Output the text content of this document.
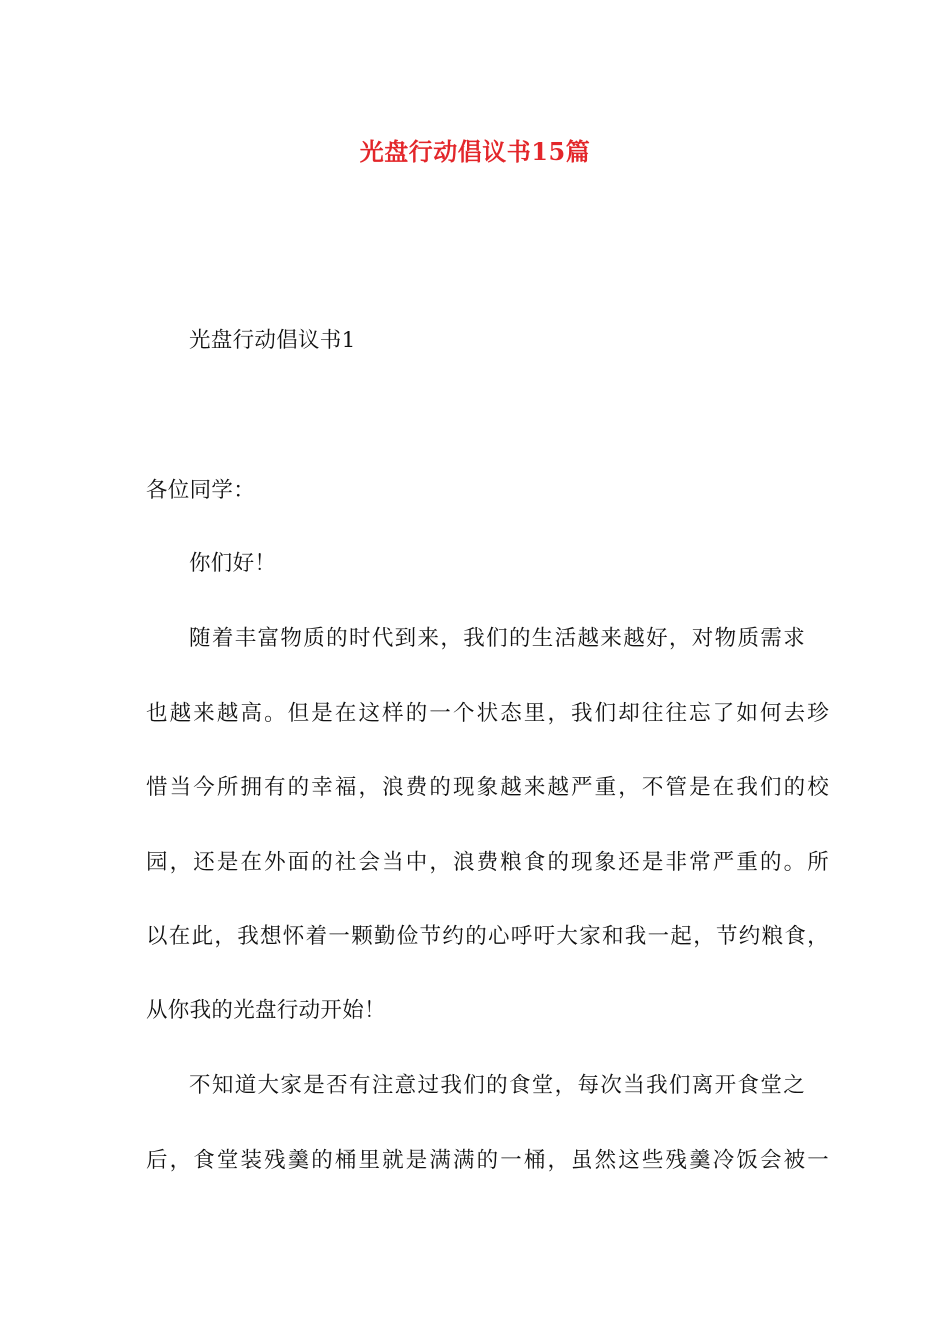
光盘行动倡议书15篇
光盘行动倡议书1
各位同学：
你们好！
随着丰富物质的时代到来，我们的生活越来越好，对物质需求
也越来越高。但是在这样的一个状态里，我们却往往忘了如何去珍
惜当今所拥有的幸福，浪费的现象越来越严重，不管是在我们的校
园，还是在外面的社会当中，浪费粮食的现象还是非常严重的。所
以在此，我想怀着一颗勤俭节约的心呼吁大家和我一起，节约粮食，
从你我的光盘行动开始！
不知道大家是否有注意过我们的食堂，每次当我们离开食堂之
后，食堂装残羹的桶里就是满满的一桶，虽然这些残羹冷饭会被一
